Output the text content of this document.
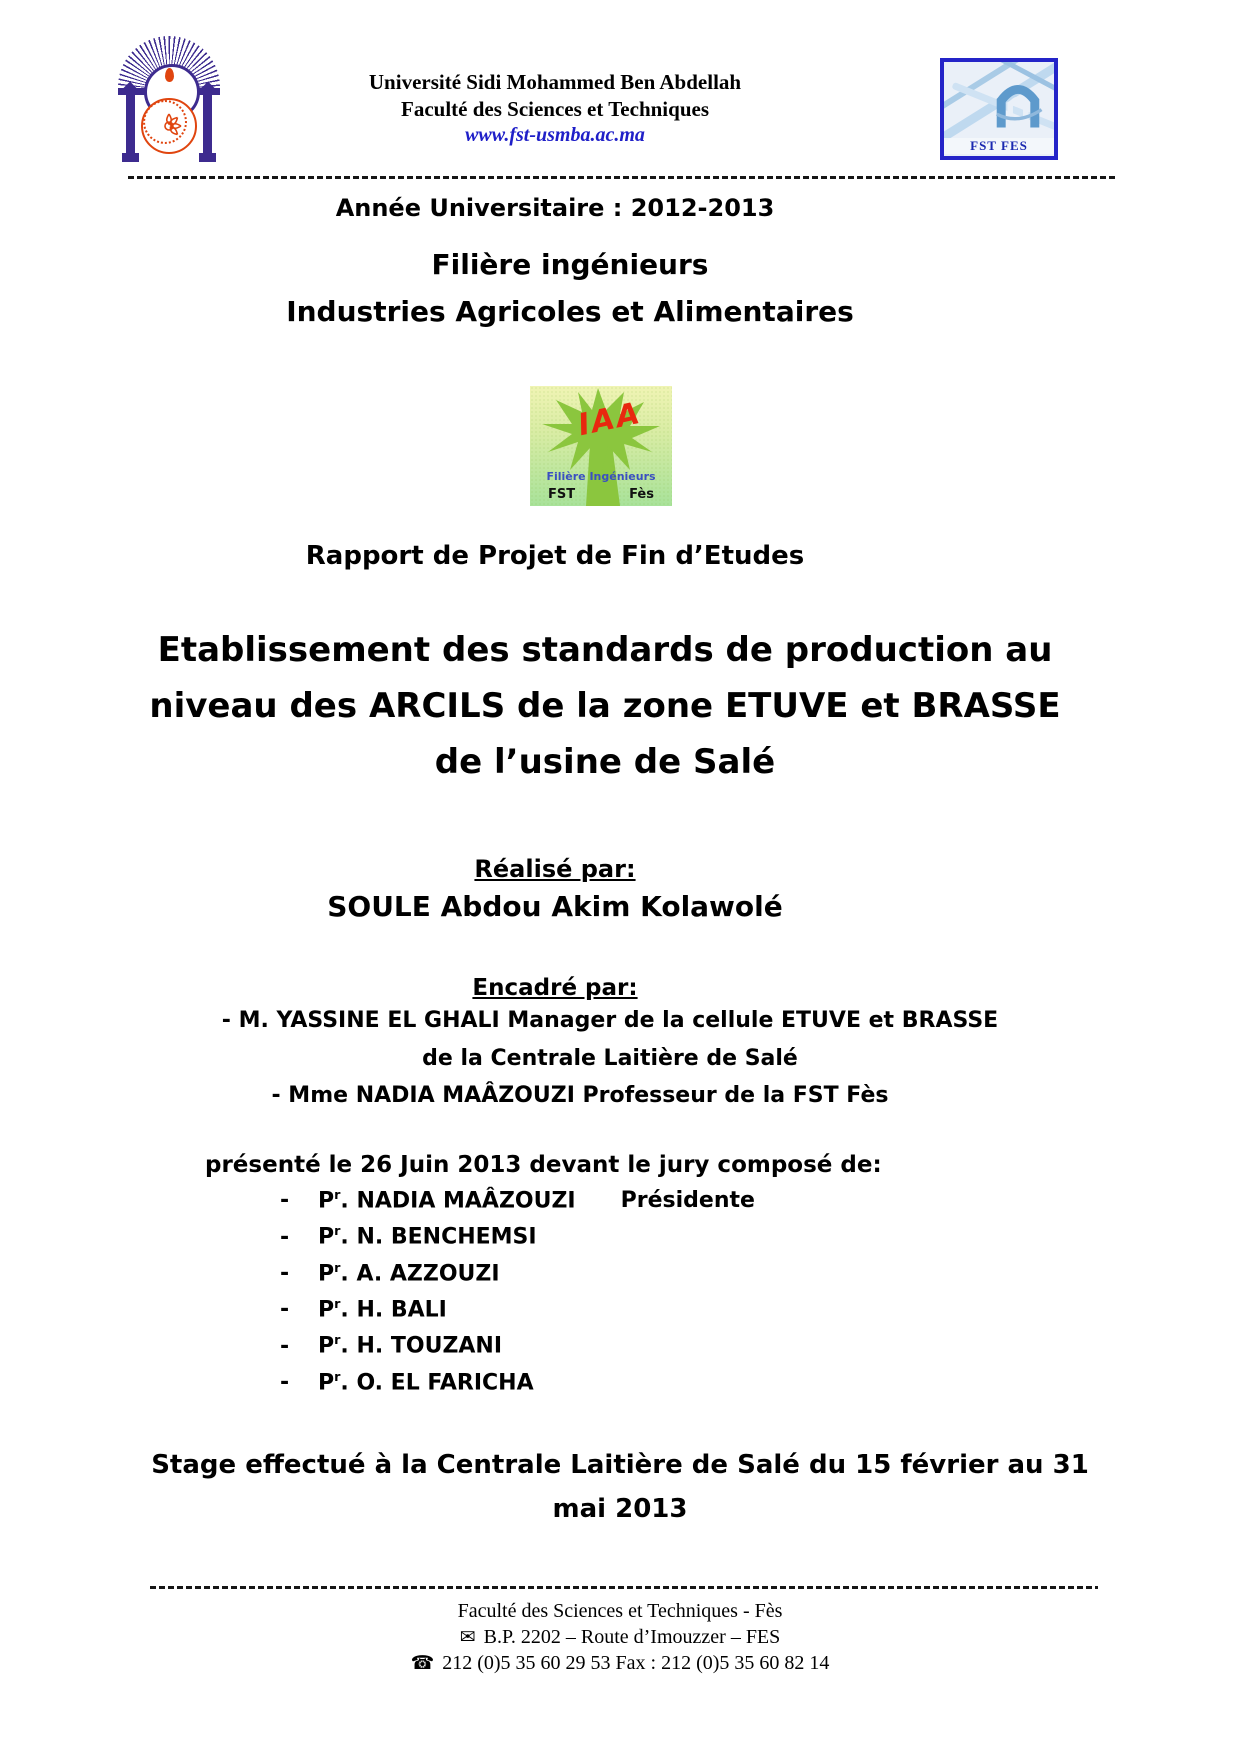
Université Sidi Mohammed Ben Abdellah
Faculté des Sciences et Techniques
www.fst-usmba.ac.ma	FST FES
Année Universitaire : 2012-2013
Filière ingénieurs
Industries Agricoles et Alimentaires
IAA
Filière Ingénieurs
FST	Fès
Rapport de Projet de Fin d’Etudes
Etablissement des standards de production au
niveau des ARCILS de la zone ETUVE et BRASSE
de l’usine de Salé
Réalisé par:
SOULE Abdou Akim Kolawolé
Encadré par:
- M. YASSINE EL GHALI Manager de la cellule ETUVE et BRASSE
de la Centrale Laitière de Salé
- Mme NADIA MAÂZOUZI Professeur de la FST Fès
présenté le 26 Juin 2013 devant le jury composé de:
-	$P^r$. NADIA MAÂZOUZI Présidente
-	$P^r$. N. BENCHEMSI
-	$P^r$. A. AZZOUZI
-	$P^r$. H. BALI
-	$P^r$. H. TOUZANI
-	$P^r$. O. EL FARICHA
Stage effectué à la Centrale Laitière de Salé du 15 février au 31
mai 2013
Faculté des Sciences et Techniques - Fès
✉ B.P. 2202 – Route d’Imouzzer – FES
☎ 212 (0)5 35 60 29 53 Fax : 212 (0)5 35 60 82 14
